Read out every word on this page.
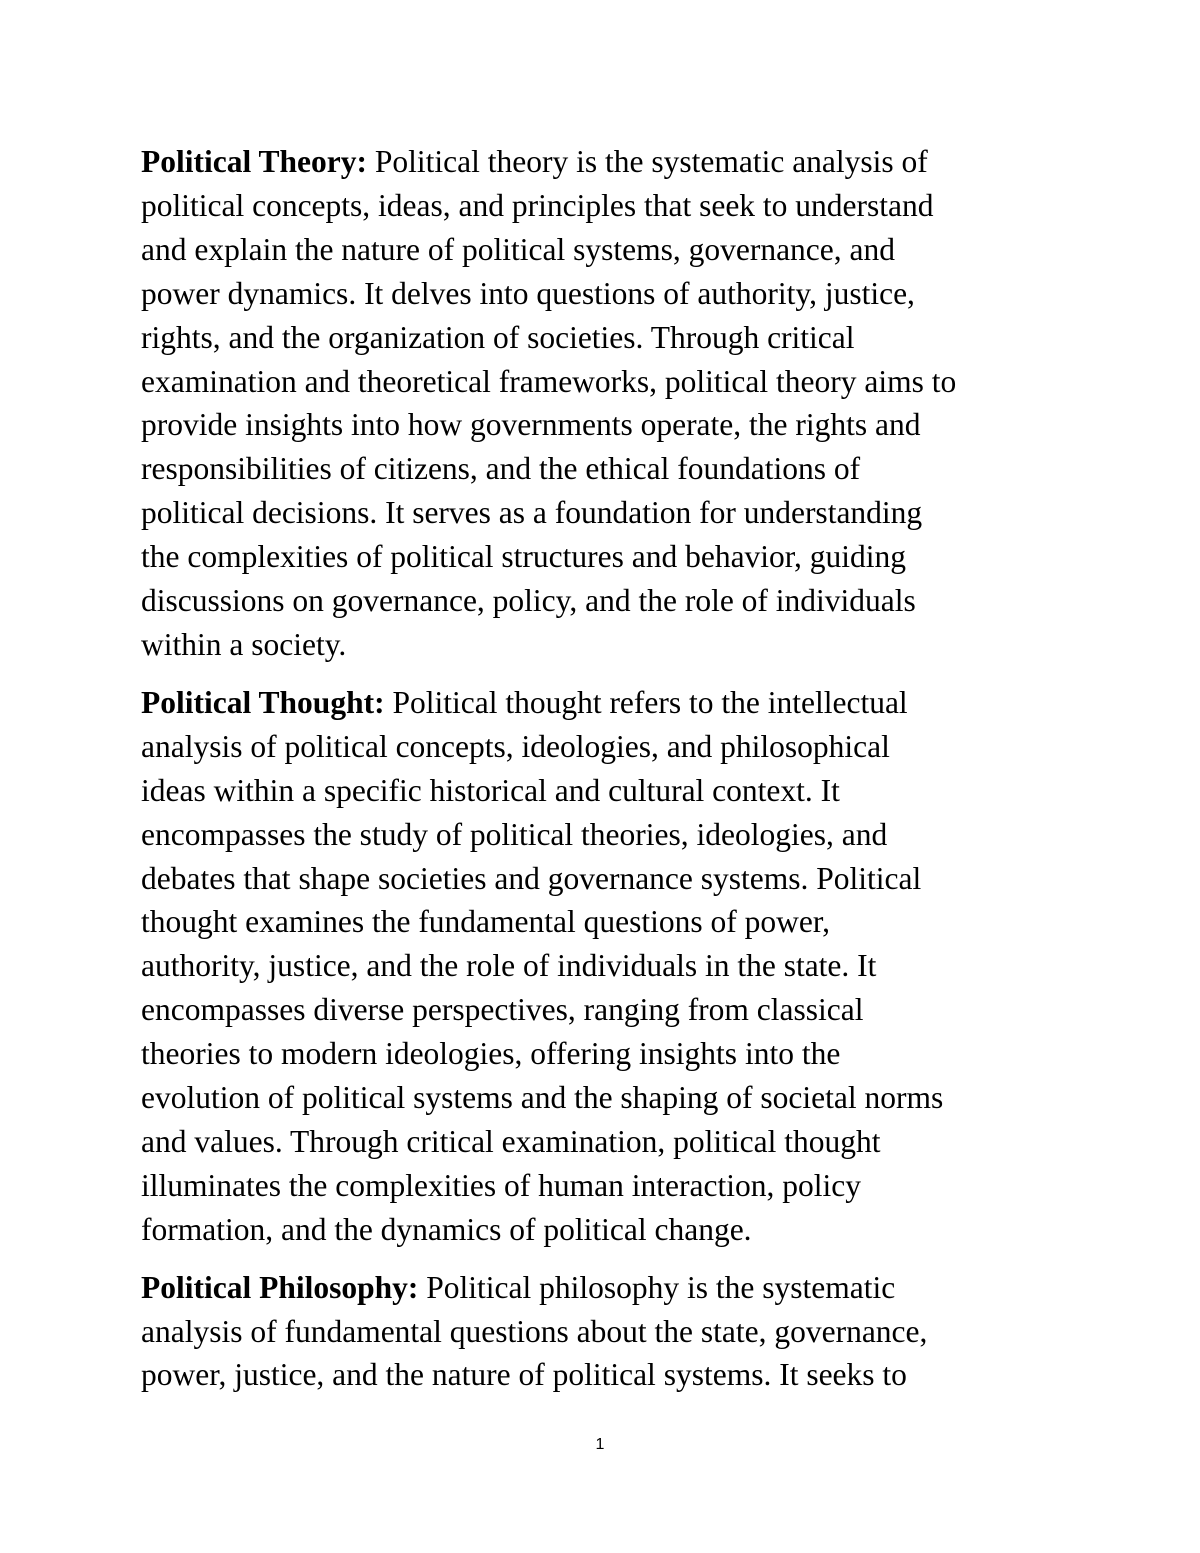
Political Theory: Political theory is the systematic analysis of
political concepts, ideas, and principles that seek to understand
and explain the nature of political systems, governance, and
power dynamics. It delves into questions of authority, justice,
rights, and the organization of societies. Through critical
examination and theoretical frameworks, political theory aims to
provide insights into how governments operate, the rights and
responsibilities of citizens, and the ethical foundations of
political decisions. It serves as a foundation for understanding
the complexities of political structures and behavior, guiding
discussions on governance, policy, and the role of individuals
within a society.

Political Thought: Political thought refers to the intellectual
analysis of political concepts, ideologies, and philosophical
ideas within a specific historical and cultural context. It
encompasses the study of political theories, ideologies, and
debates that shape societies and governance systems. Political
thought examines the fundamental questions of power,
authority, justice, and the role of individuals in the state. It
encompasses diverse perspectives, ranging from classical
theories to modern ideologies, offering insights into the
evolution of political systems and the shaping of societal norms
and values. Through critical examination, political thought
illuminates the complexities of human interaction, policy
formation, and the dynamics of political change.

Political Philosophy: Political philosophy is the systematic
analysis of fundamental questions about the state, governance,
power, justice, and the nature of political systems. It seeks to

1
